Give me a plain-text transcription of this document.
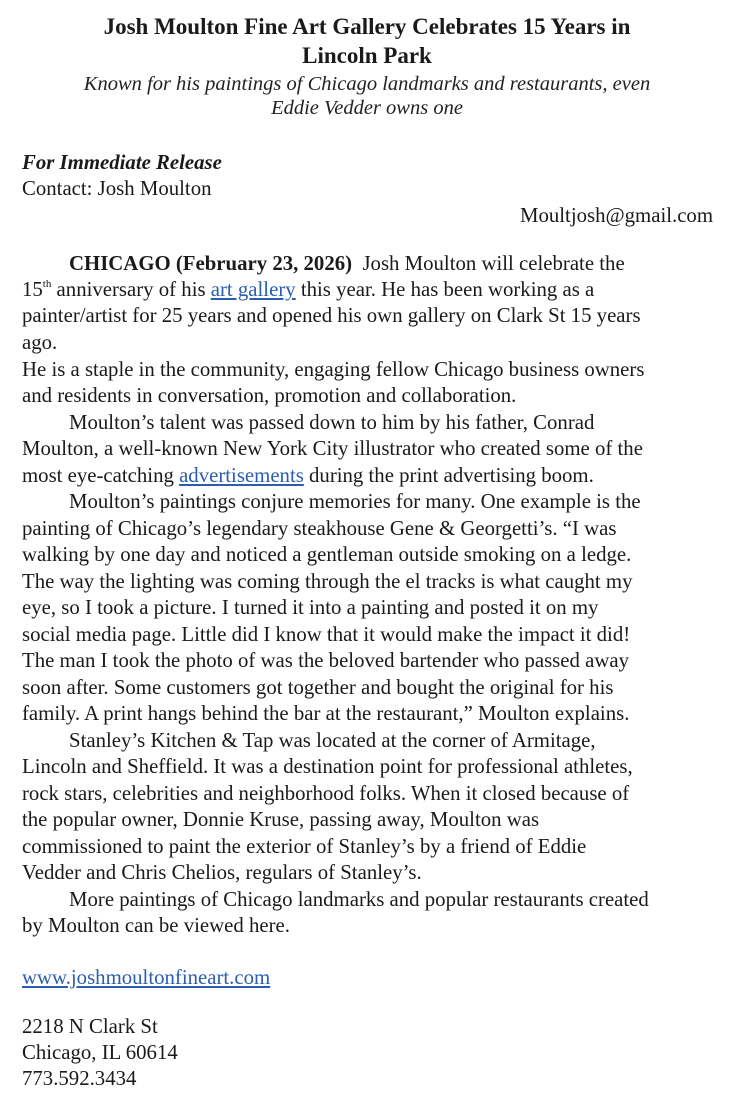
Josh Moulton Fine Art Gallery Celebrates 15 Years in
Lincoln Park
Known for his paintings of Chicago landmarks and restaurants, even
Eddie Vedder owns one
For Immediate Release
Contact: Josh Moulton
Moultjosh@gmail.com
CHICAGO (February 23, 2026) Josh Moulton will celebrate the
15th anniversary of his art gallery this year. He has been working as a
painter/artist for 25 years and opened his own gallery on Clark St 15 years
ago.
He is a staple in the community, engaging fellow Chicago business owners
and residents in conversation, promotion and collaboration.
Moulton’s talent was passed down to him by his father, Conrad
Moulton, a well-known New York City illustrator who created some of the
most eye-catching advertisements during the print advertising boom.
Moulton’s paintings conjure memories for many. One example is the
painting of Chicago’s legendary steakhouse Gene & Georgetti’s. “I was
walking by one day and noticed a gentleman outside smoking on a ledge.
The way the lighting was coming through the el tracks is what caught my
eye, so I took a picture. I turned it into a painting and posted it on my
social media page. Little did I know that it would make the impact it did!
The man I took the photo of was the beloved bartender who passed away
soon after. Some customers got together and bought the original for his
family. A print hangs behind the bar at the restaurant,” Moulton explains.
Stanley’s Kitchen & Tap was located at the corner of Armitage,
Lincoln and Sheffield. It was a destination point for professional athletes,
rock stars, celebrities and neighborhood folks. When it closed because of
the popular owner, Donnie Kruse, passing away, Moulton was
commissioned to paint the exterior of Stanley’s by a friend of Eddie
Vedder and Chris Chelios, regulars of Stanley’s.
More paintings of Chicago landmarks and popular restaurants created
by Moulton can be viewed here.
www.joshmoultonfineart.com
2218 N Clark St
Chicago, IL 60614
773.592.3434
